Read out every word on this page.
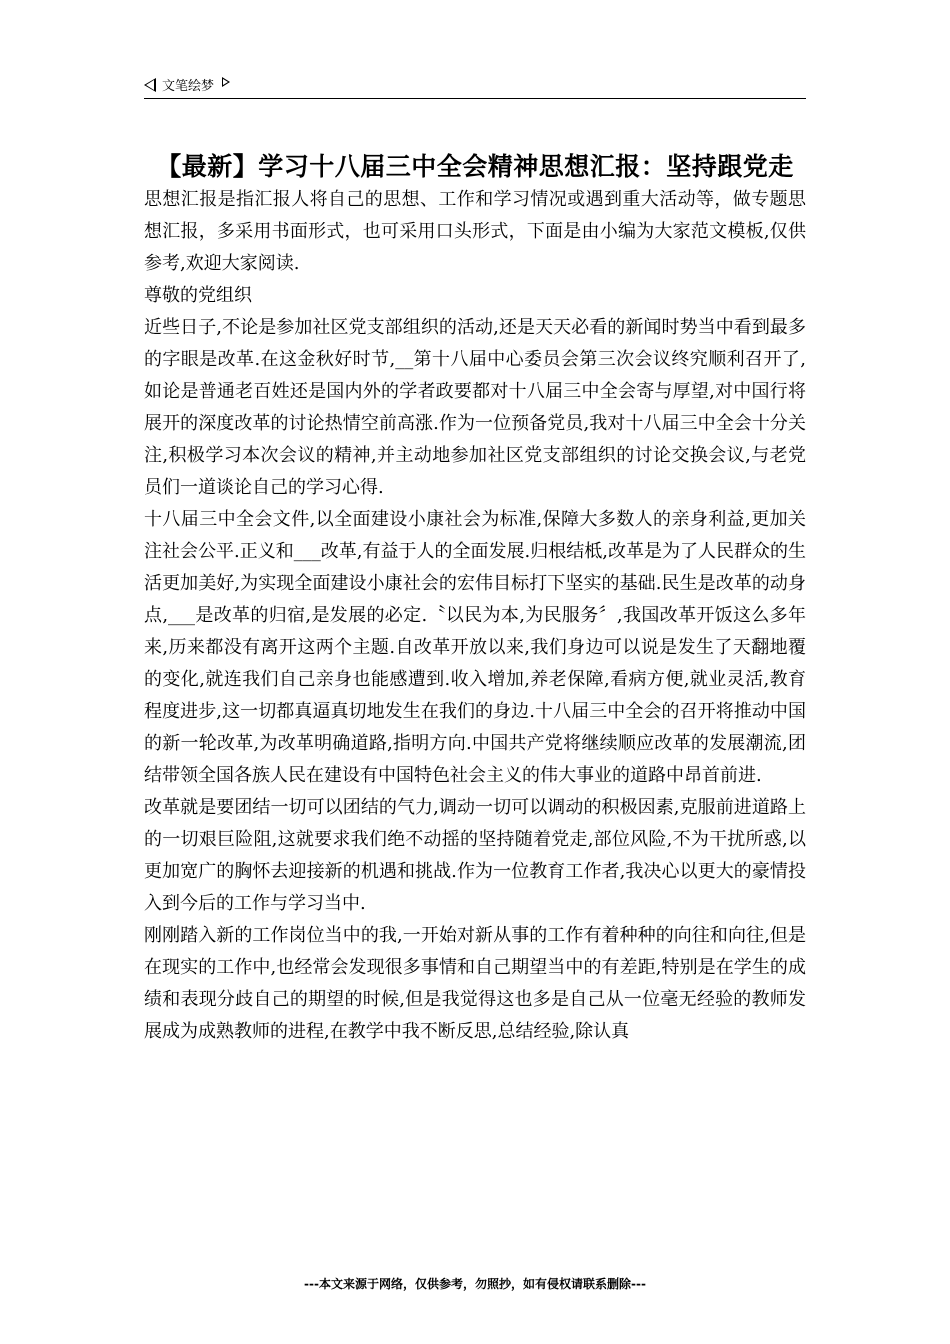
文笔绘梦
【最新】学习十八届三中全会精神思想汇报：坚持跟党走

思想汇报是指汇报人将自己的思想、工作和学习情况或遇到重大活动等，做专题思想汇报，多采用书面形式，也可采用口头形式，下面是由小编为大家范文模板,仅供参考,欢迎大家阅读.

尊敬的党组织

近些日子,不论是参加社区党支部组织的活动,还是天天必看的新闻时势当中看到最多的字眼是改革.在这金秋好时节,__第十八届中心委员会第三次会议终究顺利召开了,如论是普通老百姓还是国内外的学者政要都对十八届三中全会寄与厚望,对中国行将展开的深度改革的讨论热情空前高涨.作为一位预备党员,我对十八届三中全会十分关注,积极学习本次会议的精神,并主动地参加社区党支部组织的讨论交换会议,与老党员们一道谈论自己的学习心得.

十八届三中全会文件,以全面建设小康社会为标准,保障大多数人的亲身利益,更加关注社会公平.正义和___改革,有益于人的全面发展.归根结柢,改革是为了人民群众的生活更加美好,为实现全面建设小康社会的宏伟目标打下坚实的基础.民生是改革的动身点,___是改革的归宿,是发展的必定.〝以民为本,为民服务〞,我国改革开饭这么多年来,历来都没有离开这两个主题.自改革开放以来,我们身边可以说是发生了天翻地覆的变化,就连我们自己亲身也能感遭到.收入增加,养老保障,看病方便,就业灵活,教育程度进步,这一切都真逼真切地发生在我们的身边.十八届三中全会的召开将推动中国的新一轮改革,为改革明确道路,指明方向.中国共产党将继续顺应改革的发展潮流,团结带领全国各族人民在建设有中国特色社会主义的伟大事业的道路中昂首前进.

改革就是要团结一切可以团结的气力,调动一切可以调动的积极因素,克服前进道路上的一切艰巨险阻,这就要求我们绝不动摇的坚持随着党走,部位风险,不为干扰所惑,以更加宽广的胸怀去迎接新的机遇和挑战.作为一位教育工作者,我决心以更大的豪情投入到今后的工作与学习当中.

刚刚踏入新的工作岗位当中的我,一开始对新从事的工作有着种种的向往和向往,但是在现实的工作中,也经常会发现很多事情和自己期望当中的有差距,特别是在学生的成绩和表现分歧自己的期望的时候,但是我觉得这也多是自己从一位毫无经验的教师发展成为成熟教师的进程,在教学中我不断反思,总结经验,除认真

---本文来源于网络，仅供参考，勿照抄，如有侵权请联系删除---
